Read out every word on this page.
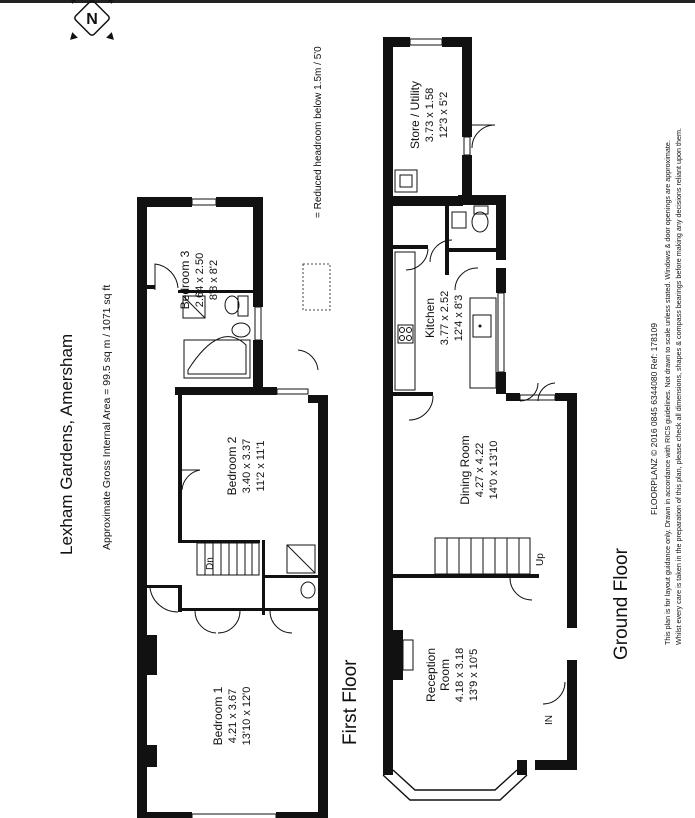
N
Lexham Gardens, Amersham Approximate Gross Internal Area = 99.5 sq m / 1071 sq ft
= Reduced headroom below 1.5m / 5'0
Bedroom 3 2.64 x 2.50 8'8 x 8'2
Bedroom 2 3.40 x 3.37 11'2 x 11'1
Bedroom 1 4.21 x 3.67 13'10 x 12'0
Dn
First Floor
Store / Utility 3.73 x 1.58 12'3 x 5'2
Kitchen 3.77 x 2.52 12'4 x 8'3
Dining Room 4.27 x 4.22 14'0 x 13'10
Reception Room 4.18 x 3.18 13'9 x 10'5
Up
IN
Ground Floor
FLOORPLANZ © 2016 0845 6344080 Ref: 178109 This plan is for layout guidance only. Drawn in accordance with RICS guidelines. Not drawn to scale unless stated. Windows & door openings are approximate. Whilst every care is taken in the preparation of this plan, please check all dimensions, shapes & compass bearings before making any decisions reliant upon them.
